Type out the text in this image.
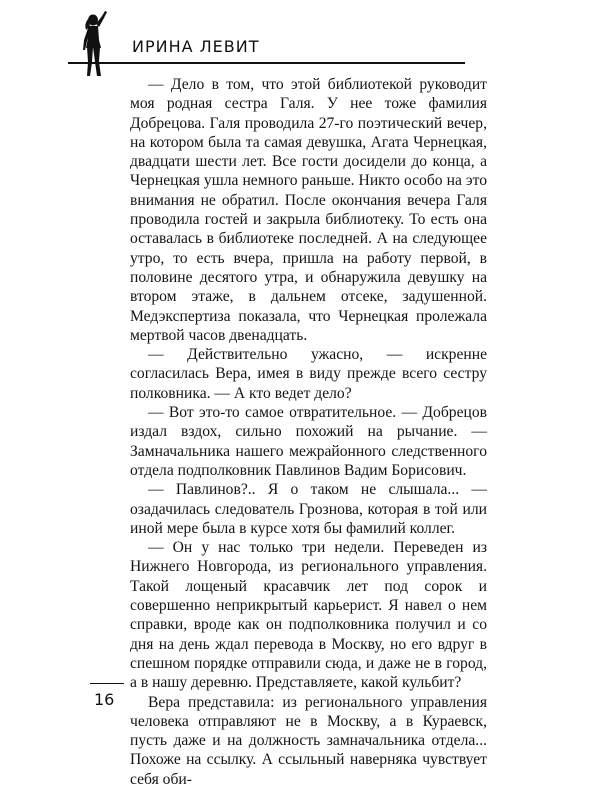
ИРИНА ЛЕВИТ

— Дело в том, что этой библиотекой руководит моя родная сестра Галя. У нее тоже фамилия Добрецова. Галя проводила 27-го поэтический вечер, на котором была та самая девушка, Агата Чернецкая, двадцати шести лет. Все гости досидели до конца, а Чернецкая ушла немного раньше. Никто особо на это внимания не обратил. После окончания вечера Галя проводила гостей и закрыла библиотеку. То есть она оставалась в библиотеке последней. А на следующее утро, то есть вчера, пришла на работу первой, в половине десятого утра, и обнаружила девушку на втором этаже, в дальнем отсеке, задушенной. Медэкспертиза показала, что Чернецкая пролежала мертвой часов двенадцать.

— Действительно ужасно, — искренне согласилась Вера, имея в виду прежде всего сестру полковника. — А кто ведет дело?

— Вот это-то самое отвратительное. — Добрецов издал вздох, сильно похожий на рычание. — Замначальника нашего межрайонного следственного отдела подполковник Павлинов Вадим Борисович.

— Павлинов?.. Я о таком не слышала... — озадачилась следователь Грознова, которая в той или иной мере была в курсе хотя бы фамилий коллег.

— Он у нас только три недели. Переведен из Нижнего Новгорода, из регионального управления. Такой лощеный красавчик лет под сорок и совершенно неприкрытый карьерист. Я навел о нем справки, вроде как он подполковника получил и со дня на день ждал перевода в Москву, но его вдруг в спешном порядке отправили сюда, и даже не в город, а в нашу деревню. Представляете, какой кульбит?

Вера представила: из регионального управления человека отправляют не в Москву, а в Кураевск, пусть даже и на должность замначальника отдела... Похоже на ссылку. А ссыльный наверняка чувствует себя оби-

16
